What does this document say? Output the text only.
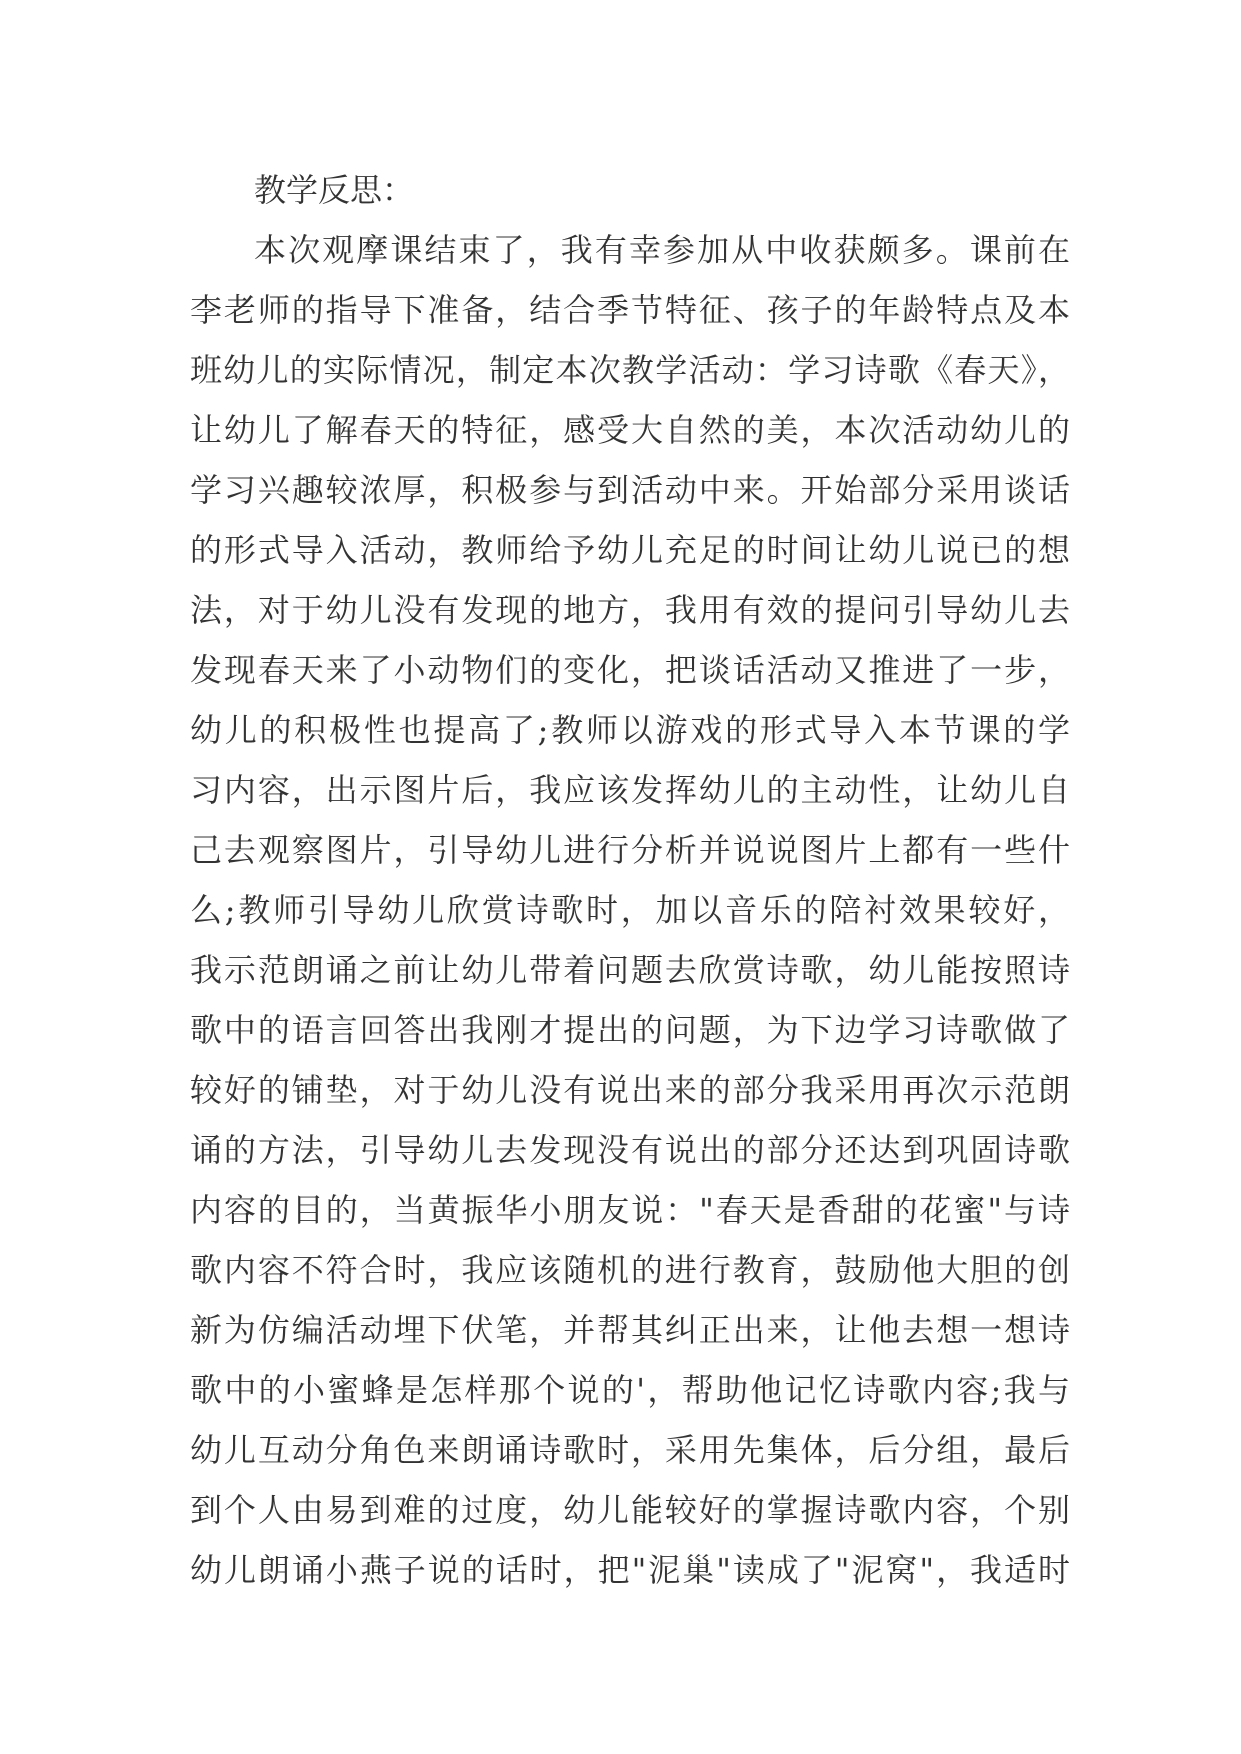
教学反思：
本次观摩课结束了，我有幸参加从中收获颇多。课前在
李老师的指导下准备，结合季节特征、孩子的年龄特点及本
班幼儿的实际情况，制定本次教学活动：学习诗歌《春天》，
让幼儿了解春天的特征，感受大自然的美，本次活动幼儿的
学习兴趣较浓厚，积极参与到活动中来。开始部分采用谈话
的形式导入活动，教师给予幼儿充足的时间让幼儿说已的想
法，对于幼儿没有发现的地方，我用有效的提问引导幼儿去
发现春天来了小动物们的变化，把谈话活动又推进了一步，
幼儿的积极性也提高了;教师以游戏的形式导入本节课的学
习内容，出示图片后，我应该发挥幼儿的主动性，让幼儿自
己去观察图片，引导幼儿进行分析并说说图片上都有一些什
么;教师引导幼儿欣赏诗歌时，加以音乐的陪衬效果较好，
我示范朗诵之前让幼儿带着问题去欣赏诗歌，幼儿能按照诗
歌中的语言回答出我刚才提出的问题，为下边学习诗歌做了
较好的铺垫，对于幼儿没有说出来的部分我采用再次示范朗
诵的方法，引导幼儿去发现没有说出的部分还达到巩固诗歌
内容的目的，当黄振华小朋友说："春天是香甜的花蜜"与诗
歌内容不符合时，我应该随机的进行教育，鼓励他大胆的创
新为仿编活动埋下伏笔，并帮其纠正出来，让他去想一想诗
歌中的小蜜蜂是怎样那个说的'，帮助他记忆诗歌内容;我与
幼儿互动分角色来朗诵诗歌时，采用先集体，后分组，最后
到个人由易到难的过度，幼儿能较好的掌握诗歌内容，个别
幼儿朗诵小燕子说的话时，把"泥巢"读成了"泥窝"，我适时
